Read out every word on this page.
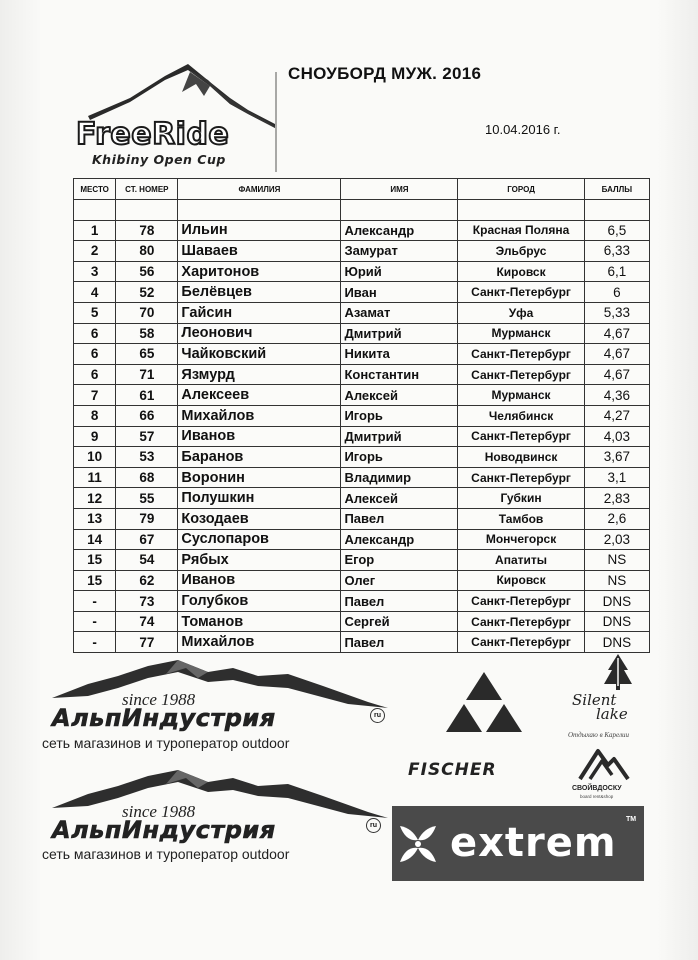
FreeRide
Khibiny Open Cup
СНОУБОРД МУЖ. 2016
10.04.2016 г.
МЕСТО	СТ. НОМЕР	ФАМИЛИЯ	ИМЯ	ГОРОД	БАЛЛЫ

1	78	Ильин	Александр	Красная Поляна	6,5
2	80	Шаваев	Замурат	Эльбрус	6,33
3	56	Харитонов	Юрий	Кировск	6,1
4	52	Белёвцев	Иван	Санкт-Петербург	6
5	70	Гайсин	Азамат	Уфа	5,33
6	58	Леонович	Дмитрий	Мурманск	4,67
6	65	Чайковский	Никита	Санкт-Петербург	4,67
6	71	Язмурд	Константин	Санкт-Петербург	4,67
7	61	Алексеев	Алексей	Мурманск	4,36
8	66	Михайлов	Игорь	Челябинск	4,27
9	57	Иванов	Дмитрий	Санкт-Петербург	4,03
10	53	Баранов	Игорь	Новодвинск	3,67
11	68	Воронин	Владимир	Санкт-Петербург	3,1
12	55	Полушкин	Алексей	Губкин	2,83
13	79	Козодаев	Павел	Тамбов	2,6
14	67	Суслопаров	Александр	Мончегорск	2,03
15	54	Рябых	Егор	Апатиты	NS
15	62	Иванов	Олег	Кировск	NS
-	73	Голубков	Павел	Санкт-Петербург	DNS
-	74	Томанов	Сергей	Санкт-Петербург	DNS
-	77	Михайлов	Павел	Санкт-Петербург	DNS
since 1988
АльпИндустрия	ru
сеть магазинов и туроператор outdoor
since 1988
АльпИндустрия	ru
сеть магазинов и туроператор outdoor
FISCHER
Silent
lake
Отдыхаю в Карелии
СВОЙВДОСКУ
board rent&shop
extrem
TM
